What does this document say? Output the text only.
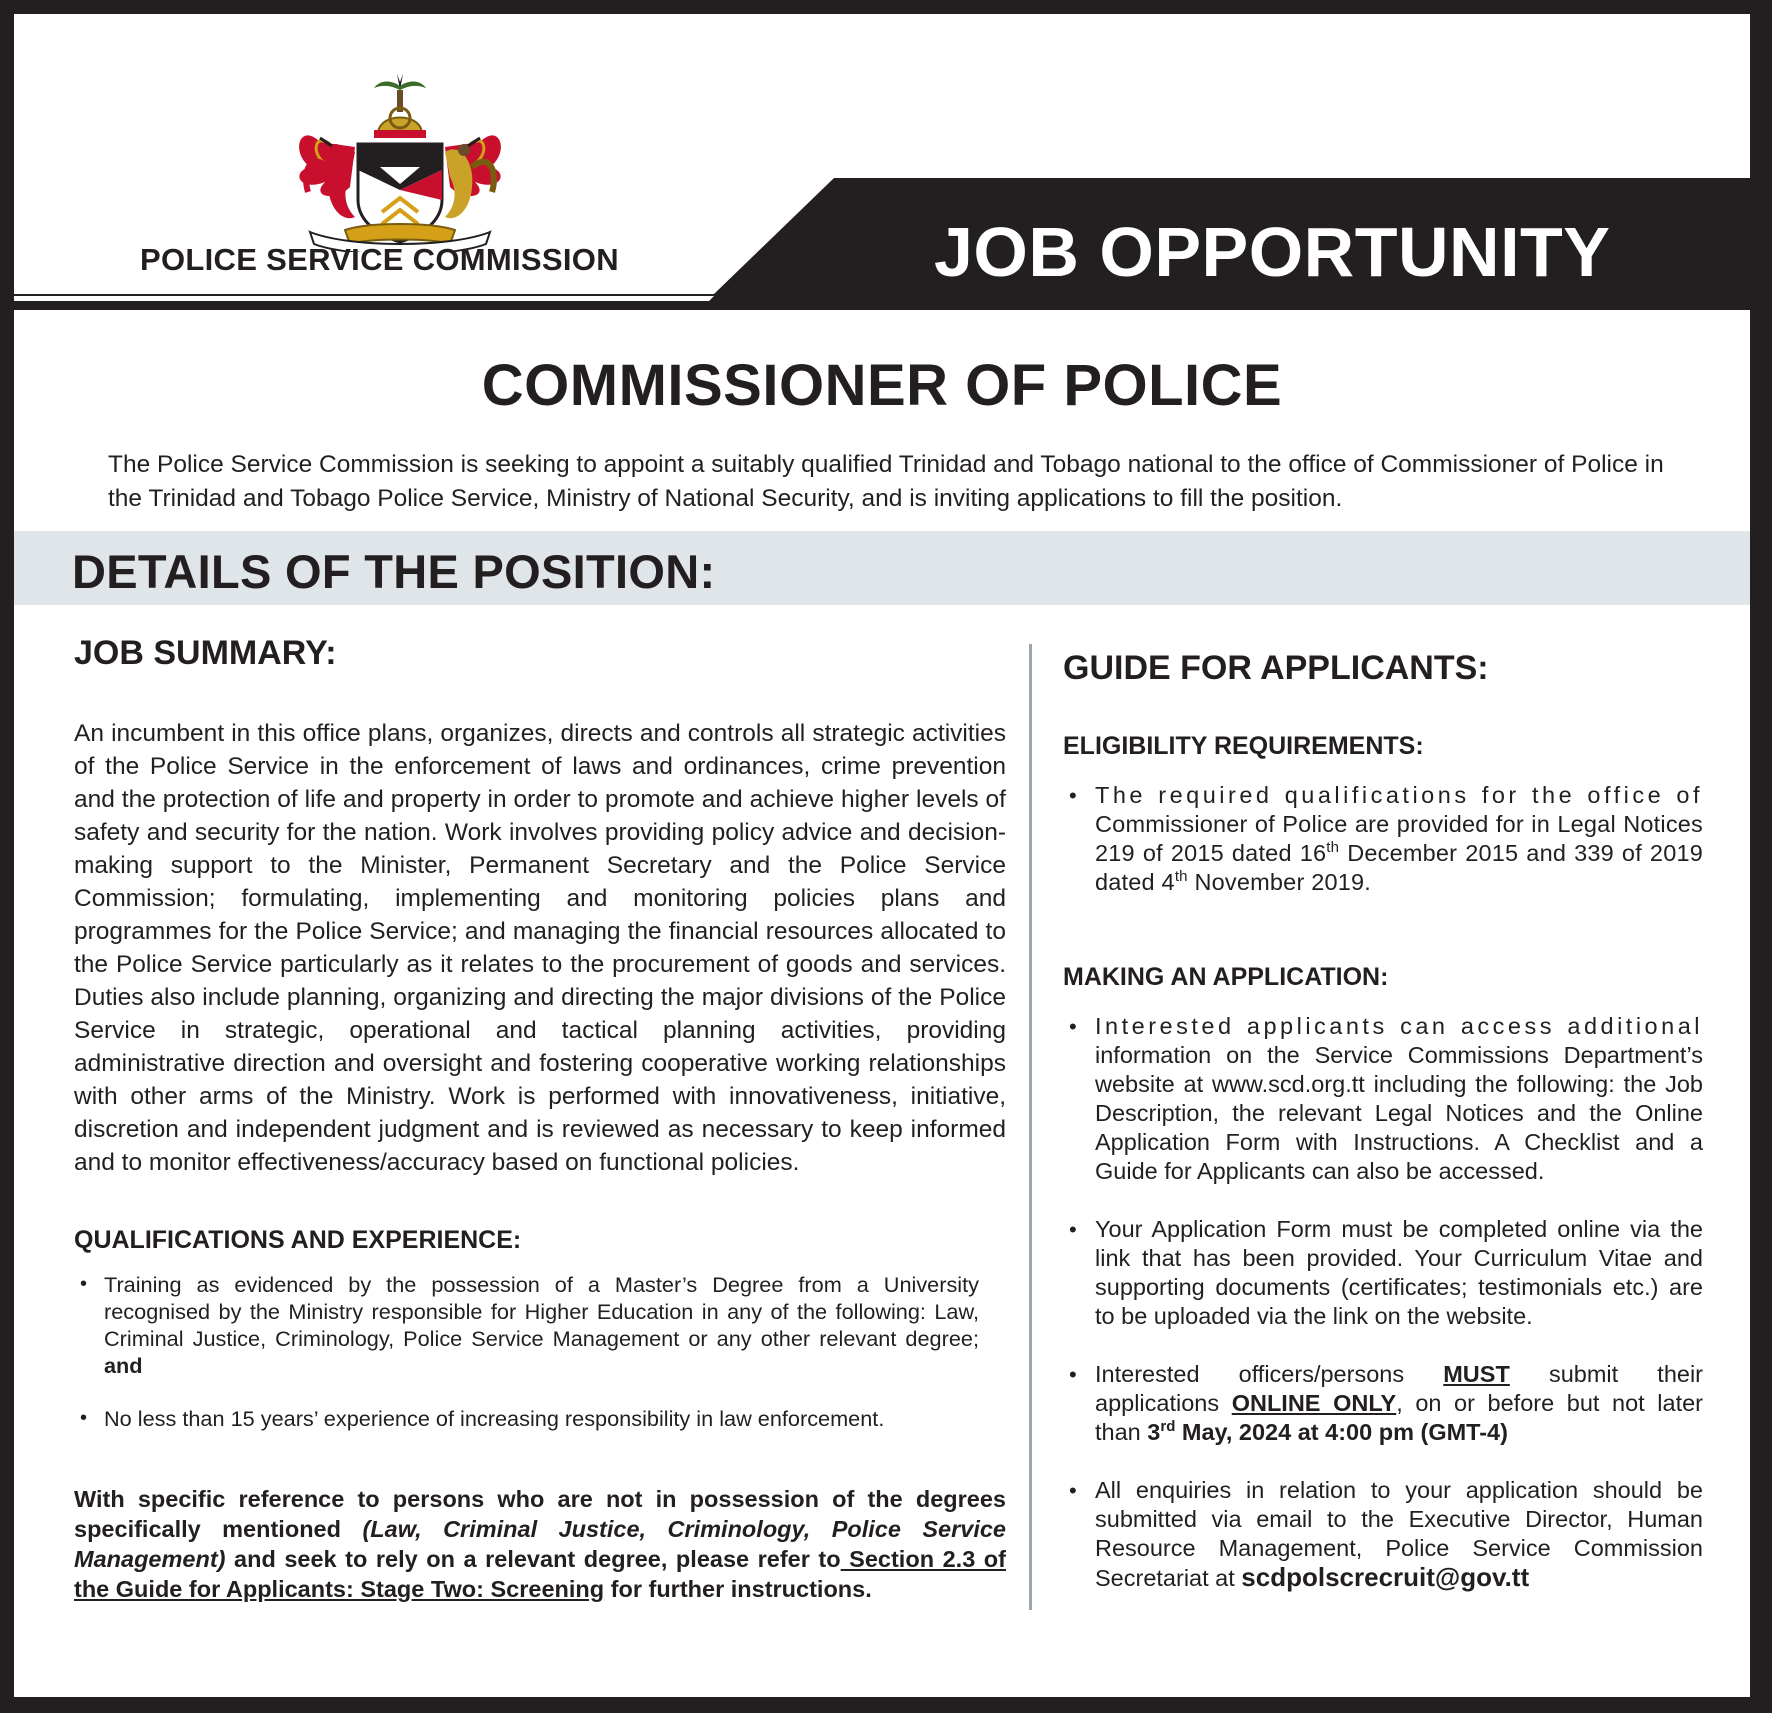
POLICE SERVICE COMMISSION	JOB OPPORTUNITY
COMMISSIONER OF POLICE
The Police Service Commission is seeking to appoint a suitably qualified Trinidad and Tobago national to the office of Commissioner of Police in the Trinidad and Tobago Police Service, Ministry of National Security, and is inviting applications to fill the position.
DETAILS OF THE POSITION:
JOB SUMMARY:

An incumbent in this office plans, organizes, directs and controls all strategic activities of the Police Service in the enforcement of laws and ordinances, crime prevention and the protection of life and property in order to promote and achieve higher levels of safety and security for the nation. Work involves providing policy advice and decision-making support to the Minister, Permanent Secretary and the Police Service Commission; formulating, implementing and monitoring policies plans and programmes for the Police Service; and managing the financial resources allocated to the Police Service particularly as it relates to the procurement of goods and services. Duties also include planning, organizing and directing the major divisions of the Police Service in strategic, operational and tactical planning activities, providing administrative direction and oversight and fostering cooperative working relationships with other arms of the Ministry. Work is performed with innovativeness, initiative, discretion and independent judgment and is reviewed as necessary to keep informed and to monitor effectiveness/accuracy based on functional policies.

QUALIFICATIONS AND EXPERIENCE:
• Training as evidenced by the possession of a Master’s Degree from a University recognised by the Ministry responsible for Higher Education in any of the following: Law, Criminal Justice, Criminology, Police Service Management or any other relevant degree; and
• No less than 15 years’ experience of increasing responsibility in law enforcement.

With specific reference to persons who are not in possession of the degrees specifically mentioned (Law, Criminal Justice, Criminology, Police Service Management) and seek to rely on a relevant degree, please refer to Section 2.3 of the Guide for Applicants: Stage Two: Screening for further instructions.

GUIDE FOR APPLICANTS:
ELIGIBILITY REQUIREMENTS:
• The required qualifications for the office of Commissioner of Police are provided for in Legal Notices 219 of 2015 dated 16th December 2015 and 339 of 2019 dated 4th November 2019.
MAKING AN APPLICATION:
• Interested applicants can access additional information on the Service Commissions Department’s website at www.scd.org.tt including the following: the Job Description, the relevant Legal Notices and the Online Application Form with Instructions. A Checklist and a Guide for Applicants can also be accessed.
• Your Application Form must be completed online via the link that has been provided. Your Curriculum Vitae and supporting documents (certificates; testimonials etc.) are to be uploaded via the link on the website.
• Interested officers/persons MUST submit their applications ONLINE ONLY, on or before but not later than 3rd May, 2024 at 4:00 pm (GMT-4)
• All enquiries in relation to your application should be submitted via email to the Executive Director, Human Resource Management, Police Service Commission Secretariat at scdpolscrecruit@gov.tt
